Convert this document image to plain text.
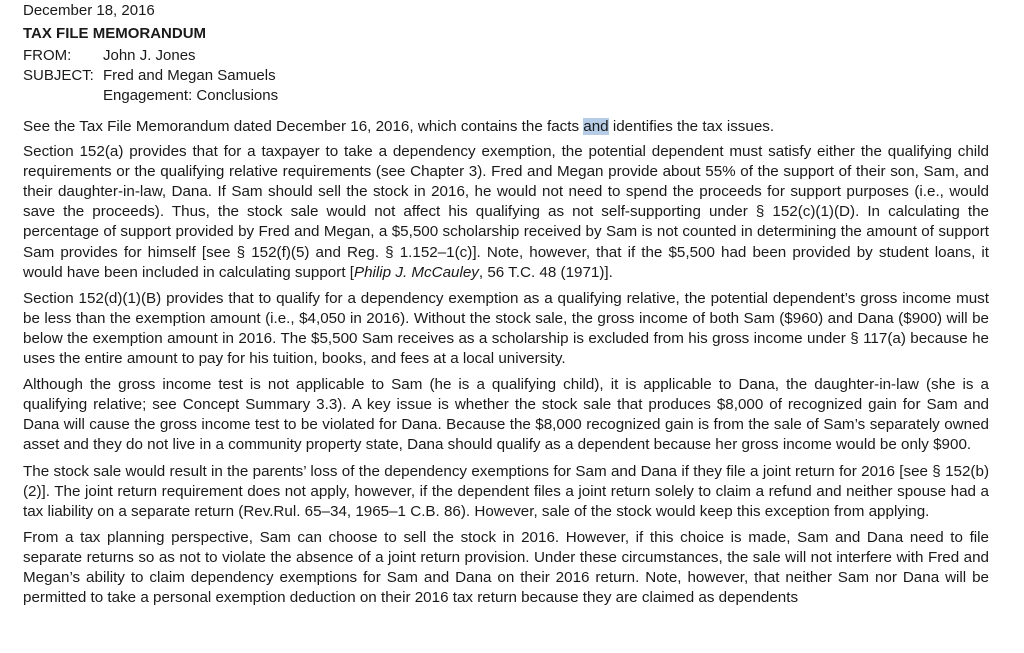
December 18, 2016
TAX FILE MEMORANDUM
FROM:	John J. Jones
SUBJECT: Fred and Megan Samuels
Engagement: Conclusions

See the Tax File Memorandum dated December 16, 2016, which contains the facts and identifies the tax issues.

Section 152(a) provides that for a taxpayer to take a dependency exemption, the potential dependent must satisfy either the qualifying child requirements or the qualifying relative requirements (see Chapter 3). Fred and Megan provide about 55% of the support of their son, Sam, and their daughter-in-law, Dana. If Sam should sell the stock in 2016, he would not need to spend the proceeds for support purposes (i.e., would save the proceeds). Thus, the stock sale would not affect his qualifying as not self-supporting under § 152(c)(1)(D). In calculating the percentage of support provided by Fred and Megan, a $5,500 scholarship received by Sam is not counted in determining the amount of support Sam provides for himself [see § 152(f)(5) and Reg. § 1.152–1(c)]. Note, however, that if the $5,500 had been provided by student loans, it would have been included in calculating support [Philip J. McCauley, 56 T.C. 48 (1971)].

Section 152(d)(1)(B) provides that to qualify for a dependency exemption as a qualifying relative, the potential dependent’s gross income must be less than the exemption amount (i.e., $4,050 in 2016). Without the stock sale, the gross income of both Sam ($960) and Dana ($900) will be below the exemption amount in 2016. The $5,500 Sam receives as a scholarship is excluded from his gross income under § 117(a) because he uses the entire amount to pay for his tuition, books, and fees at a local university.

Although the gross income test is not applicable to Sam (he is a qualifying child), it is applicable to Dana, the daughter-in-law (she is a qualifying relative; see Concept Summary 3.3). A key issue is whether the stock sale that produces $8,000 of recognized gain for Sam and Dana will cause the gross income test to be violated for Dana. Because the $8,000 recognized gain is from the sale of Sam’s separately owned asset and they do not live in a community property state, Dana should qualify as a dependent because her gross income would be only $900.

The stock sale would result in the parents’ loss of the dependency exemptions for Sam and Dana if they file a joint return for 2016 [see § 152(b)(2)]. The joint return requirement does not apply, however, if the dependent files a joint return solely to claim a refund and neither spouse had a tax liability on a separate return (Rev.Rul. 65–34, 1965–1 C.B. 86). However, sale of the stock would keep this exception from applying.

From a tax planning perspective, Sam can choose to sell the stock in 2016. However, if this choice is made, Sam and Dana need to file separate returns so as not to violate the absence of a joint return provision. Under these circumstances, the sale will not interfere with Fred and Megan’s ability to claim dependency exemptions for Sam and Dana on their 2016 return. Note, however, that neither Sam nor Dana will be permitted to take a personal exemption deduction on their 2016 tax return because they are claimed as dependents
